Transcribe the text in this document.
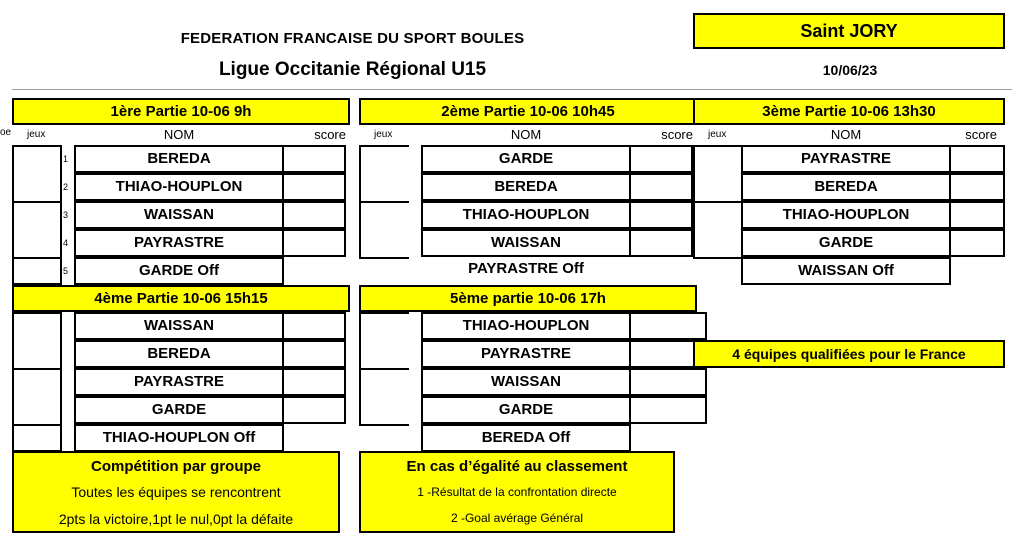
FEDERATION FRANCAISE DU SPORT BOULES
Ligue Occitanie Régional U15
Saint JORY
10/06/23
oe
1ère Partie 10-06 9h
jeux	NOM	score
1	BEREDA
2	THIAO-HOUPLON
3	WAISSAN
4	PAYRASTRE
5	GARDE Off
2ème Partie 10-06 10h45
jeux	NOM	score
GARDE
BEREDA
THIAO-HOUPLON
WAISSAN
PAYRASTRE Off
3ème Partie 10-06 13h30
jeux	NOM	score
PAYRASTRE
BEREDA
THIAO-HOUPLON
GARDE
WAISSAN Off
4ème Partie 10-06 15h15
WAISSAN
BEREDA
PAYRASTRE
GARDE
THIAO-HOUPLON Off
5ème partie 10-06 17h
THIAO-HOUPLON
PAYRASTRE
WAISSAN
GARDE
BEREDA Off
4 équipes qualifiées pour le France
Compétition par groupe
Toutes les équipes se rencontrent
2pts la victoire,1pt le nul,0pt la défaite
En cas d’égalité au classement
1 -Résultat de la confrontation directe
2 -Goal avérage Général
